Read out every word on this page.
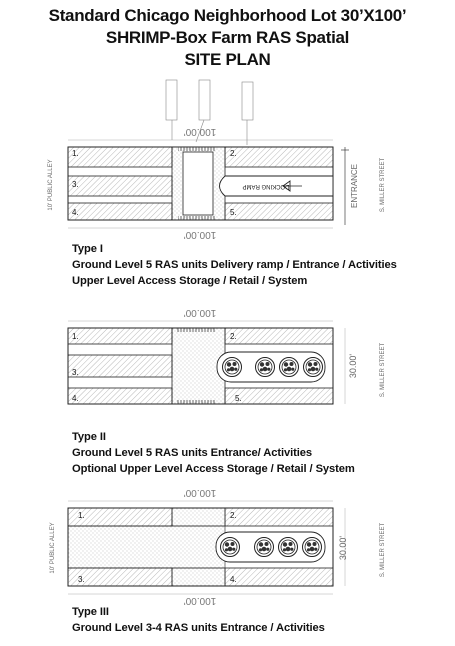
Standard Chicago Neighborhood Lot 30’X100’
SHRIMP-Box Farm RAS Spatial
SITE PLAN
1.	2.
3.
4.	5.
100.00'
100.00'
DOCKING RAMP	ENTRANCE
10' PUBLIC ALLEY	S. MILLER STREET
1.	2.
3.
4.	5.
100.00'
30.00'	S. MILLER STREET
1.	2.
3.	4.
100.00'
100.00'
30.00'
10' PUBLIC ALLEY	S. MILLER STREET
Type I
Ground Level 5 RAS units Delivery ramp / Entrance / Activities
Upper Level Access Storage / Retail / System
Type II
Ground Level 5 RAS units Entrance/ Activities
Optional Upper Level Access Storage / Retail / System
Type III
Ground Level 3-4 RAS units Entrance / Activities
